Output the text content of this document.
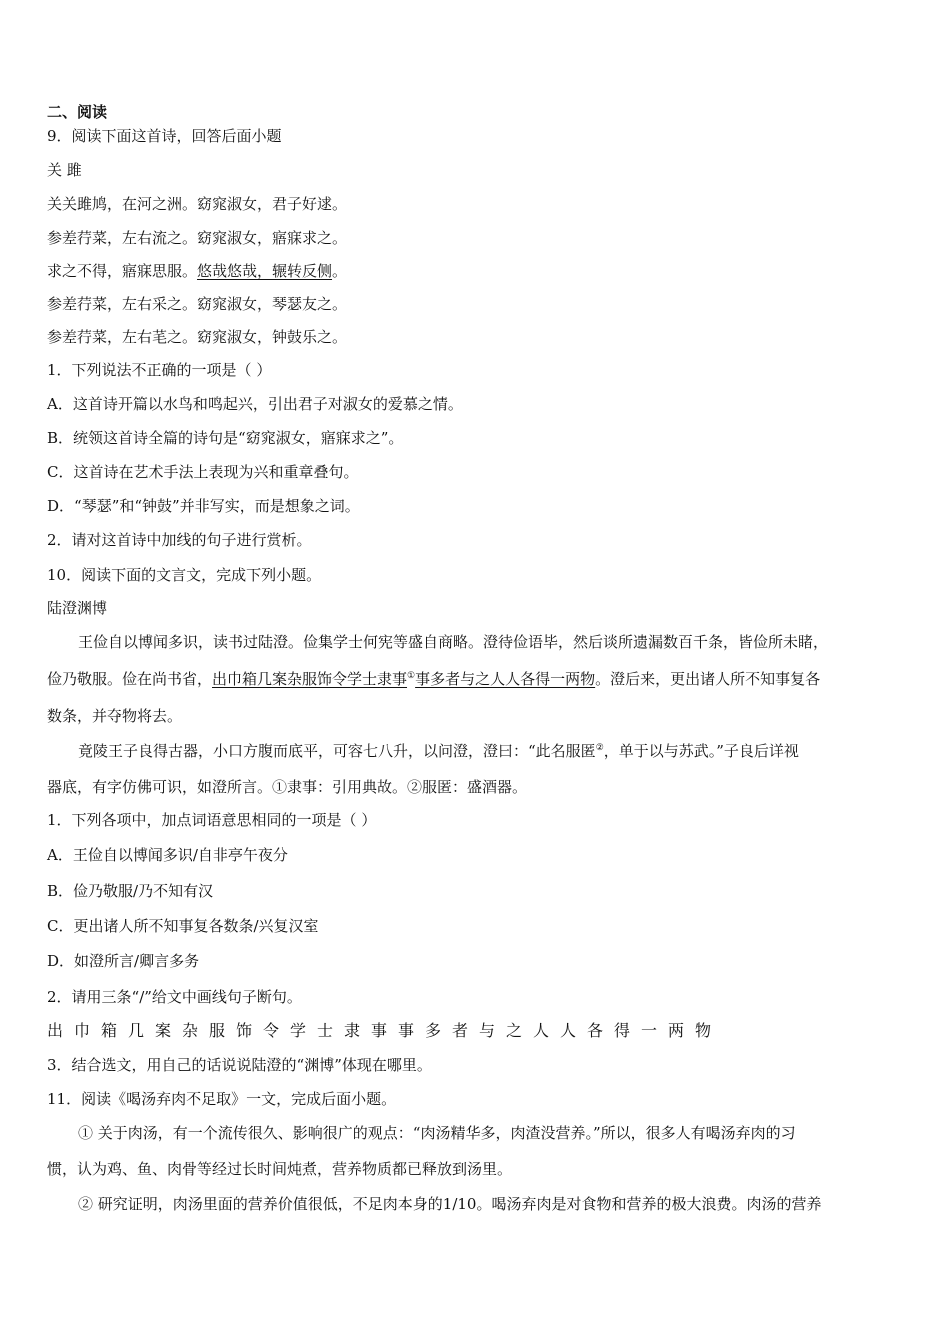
二、阅读
9．阅读下面这首诗，回答后面小题
关 雎
关关雎鸠，在河之洲。窈窕淑女，君子好逑。
参差荇菜，左右流之。窈窕淑女，寤寐求之。
求之不得，寤寐思服。悠哉悠哉，辗转反侧。
参差荇菜，左右采之。窈窕淑女，琴瑟友之。
参差荇菜，左右芼之。窈窕淑女，钟鼓乐之。
1．下列说法不正确的一项是（ ）
A．这首诗开篇以水鸟和鸣起兴，引出君子对淑女的爱慕之情。
B．统领这首诗全篇的诗句是“窈窕淑女，寤寐求之”。
C．这首诗在艺术手法上表现为兴和重章叠句。
D．“琴瑟”和“钟鼓”并非写实，而是想象之词。
2．请对这首诗中加线的句子进行赏析。
10．阅读下面的文言文，完成下列小题。
陆澄渊博
王俭自以博闻多识，读书过陆澄。俭集学士何宪等盛自商略。澄待俭语毕，然后谈所遗漏数百千条，皆俭所未睹，
俭乃敬服。俭在尚书省，出巾箱几案杂服饰令学士隶事①事多者与之人人各得一两物。澄后来，更出诸人所不知事复各
数条，并夺物将去。
竟陵王子良得古器，小口方腹而底平，可容七八升，以问澄，澄曰：“此名服匿②，单于以与苏武。”子良后详视
器底，有字仿佛可识，如澄所言。①隶事：引用典故。②服匿：盛酒器。
1．下列各项中，加点词语意思相同的一项是（ ）
A．王俭自以博闻多识/自非亭午夜分
B．俭乃敬服/乃不知有汉
C．更出诸人所不知事复各数条/兴复汉室
D．如澄所言/卿言多务
2．请用三条“/”给文中画线句子断句。
出巾箱几案杂服饰令学士隶事事多者与之人人各得一两物
3．结合选文，用自己的话说说陆澄的“渊博”体现在哪里。
11．阅读《喝汤弃肉不足取》一文，完成后面小题。
① 关于肉汤，有一个流传很久、影响很广的观点：“肉汤精华多，肉渣没营养。”所以，很多人有喝汤弃肉的习
惯，认为鸡、鱼、肉骨等经过长时间炖煮，营养物质都已释放到汤里。
② 研究证明，肉汤里面的营养价值很低，不足肉本身的1/10。喝汤弃肉是对食物和营养的极大浪费。肉汤的营养
